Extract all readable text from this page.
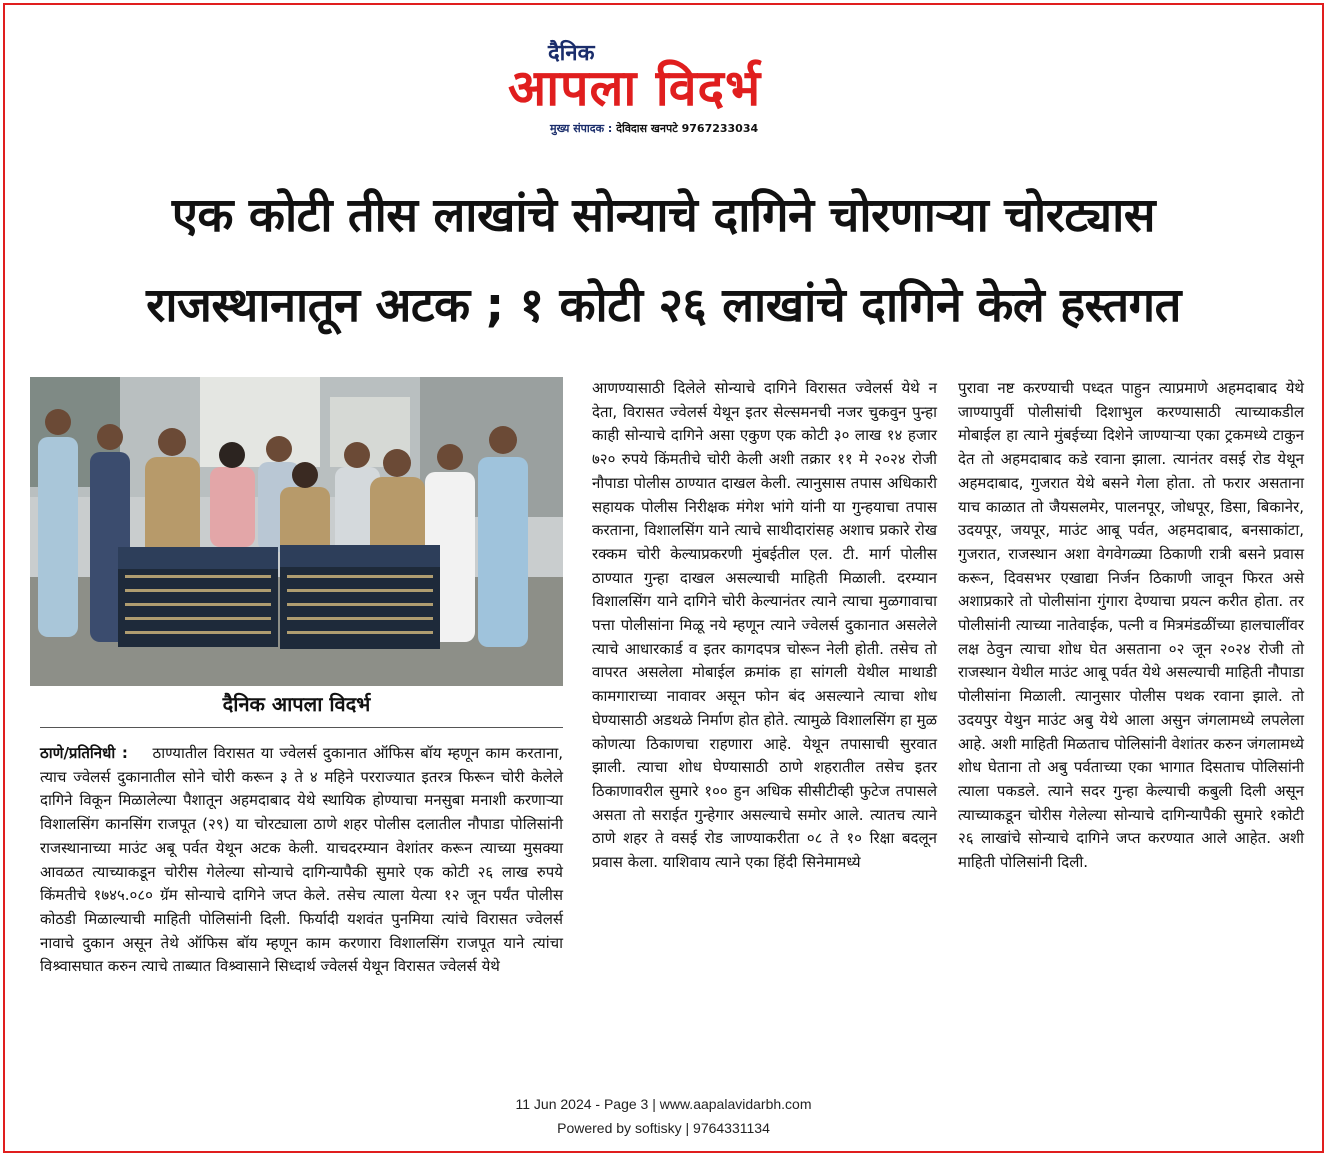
दैनिक
आपला विदर्भ
मुख्य संपादक : देविदास खनपटे 9767233034
एक कोटी तीस लाखांचे सोन्याचे दागिने चोरणाऱ्या चोरट्यास
राजस्थानातून अटक ; १ कोटी २६ लाखांचे दागिने केले हस्तगत
दैनिक आपला विदर्भ
ठाणे/प्रतिनिधी : ठाण्यातील विरासत या ज्वेलर्स दुकानात ऑफिस बॉय म्हणून काम करताना, त्याच ज्वेलर्स दुकानातील सोने चोरी करून ३ ते ४ महिने परराज्यात इतरत्र फिरून चोरी केलेले दागिने विकून मिळालेल्या पैशातून अहमदाबाद येथे स्थायिक होण्याचा मनसुबा मनाशी करणाऱ्या विशालसिंग कानसिंग राजपूत (२९) या चोरट्याला ठाणे शहर पोलीस दलातील नौपाडा पोलिसांनी राजस्थानाच्या माउंट अबू पर्वत येथून अटक केली. याचदरम्यान वेशांतर करून त्याच्या मुसक्या आवळत त्याच्याकडून चोरीस गेलेल्या सोन्याचे दागिन्यापैकी सुमारे एक कोटी २६ लाख रुपये किंमतीचे १७४५.०८० ग्रॅम सोन्याचे दागिने जप्त केले. तसेच त्याला येत्या १२ जून पर्यंत पोलीस कोठडी मिळाल्याची माहिती पोलिसांनी दिली. फिर्यादी यशवंत पुनमिया त्यांचे विरासत ज्वेलर्स नावाचे दुकान असून तेथे ऑफिस बॉय म्हणून काम करणारा विशालसिंग राजपूत याने त्यांचा विश्र्वासघात करुन त्याचे ताब्यात विश्र्वासाने सिध्दार्थ ज्वेलर्स येथून विरासत ज्वेलर्स येथे
आणण्यासाठी दिलेले सोन्याचे दागिने विरासत ज्वेलर्स येथे न देता, विरासत ज्वेलर्स येथून इतर सेल्समनची नजर चुकवुन पुन्हा काही सोन्याचे दागिने असा एकुण एक कोटी ३० लाख १४ हजार ७२० रुपये किंमतीचे चोरी केली अशी तक्रार ११ मे २०२४ रोजी नौपाडा पोलीस ठाण्यात दाखल केली. त्यानुसास तपास अधिकारी सहायक पोलीस निरीक्षक मंगेश भांगे यांनी या गुन्हयाचा तपास करताना, विशालसिंग याने त्याचे साथीदारांसह अशाच प्रकारे रोख रक्कम चोरी केल्याप्रकरणी मुंबईतील एल. टी. मार्ग पोलीस ठाण्यात गुन्हा दाखल असल्याची माहिती मिळाली. दरम्यान विशालसिंग याने दागिने चोरी केल्यानंतर त्याने त्याचा मुळगावाचा पत्ता पोलीसांना मिळू नये म्हणून त्याने ज्वेलर्स दुकानात असलेले त्याचे आधारकार्ड व इतर कागदपत्र चोरून नेली होती. तसेच तो वापरत असलेला मोबाईल क्रमांक हा सांगली येथील माथाडी कामगाराच्या नावावर असून फोन बंद असल्याने त्याचा शोध घेण्यासाठी अडथळे निर्माण होत होते. त्यामुळे विशालसिंग हा मुळ कोणत्या ठिकाणचा राहणारा आहे. येथून तपासाची सुरवात झाली. त्याचा शोध घेण्यासाठी ठाणे शहरातील तसेच इतर ठिकाणावरील सुमारे १०० हुन अधिक सीसीटीव्ही फुटेज तपासले असता तो सराईत गुन्हेगार असल्याचे समोर आले. त्यातच त्याने ठाणे शहर ते वसई रोड जाण्याकरीता ०८ ते १० रिक्षा बदलून प्रवास केला. याशिवाय त्याने एका हिंदी सिनेमामध्ये
पुरावा नष्ट करण्याची पध्दत पाहुन त्याप्रमाणे अहमदाबाद येथे जाण्यापुर्वी पोलीसांची दिशाभुल करण्यासाठी त्याच्याकडील मोबाईल हा त्याने मुंबईच्या दिशेने जाण्याऱ्या एका ट्रकमध्ये टाकुन देत तो अहमदाबाद कडे रवाना झाला. त्यानंतर वसई रोड येथून अहमदाबाद, गुजरात येथे बसने गेला होता. तो फरार असताना याच काळात तो जैयसलमेर, पालनपूर, जोधपूर, डिसा, बिकानेर, उदयपूर, जयपूर, माउंट आबू पर्वत, अहमदाबाद, बनसाकांटा, गुजरात, राजस्थान अशा वेगवेगळ्या ठिकाणी रात्री बसने प्रवास करून, दिवसभर एखाद्या निर्जन ठिकाणी जावून फिरत असे अशाप्रकारे तो पोलीसांना गुंगारा देण्याचा प्रयत्न करीत होता. तर पोलीसांनी त्याच्या नातेवाईक, पत्नी व मित्रमंडळींच्या हालचालींवर लक्ष ठेवुन त्याचा शोध घेत असताना ०२ जून २०२४ रोजी तो राजस्थान येथील माउंट आबू पर्वत येथे असल्याची माहिती नौपाडा पोलीसांना मिळाली. त्यानुसार पोलीस पथक रवाना झाले. तो उदयपुर येथुन माउंट अबु येथे आला असुन जंगलामध्ये लपलेला आहे. अशी माहिती मिळताच पोलिसांनी वेशांतर करुन जंगलामध्ये शोध घेताना तो अबु पर्वताच्या एका भागात दिसताच पोलिसांनी त्याला पकडले. त्याने सदर गुन्हा केल्याची कबुली दिली असून त्याच्याकडून चोरीस गेलेल्या सोन्याचे दागिन्यापैकी सुमारे १कोटी २६ लाखांचे सोन्याचे दागिने जप्त करण्यात आले आहेत. अशी माहिती पोलिसांनी दिली.
11 Jun 2024 - Page 3 | www.aapalavidarbh.com
Powered by softisky | 9764331134
